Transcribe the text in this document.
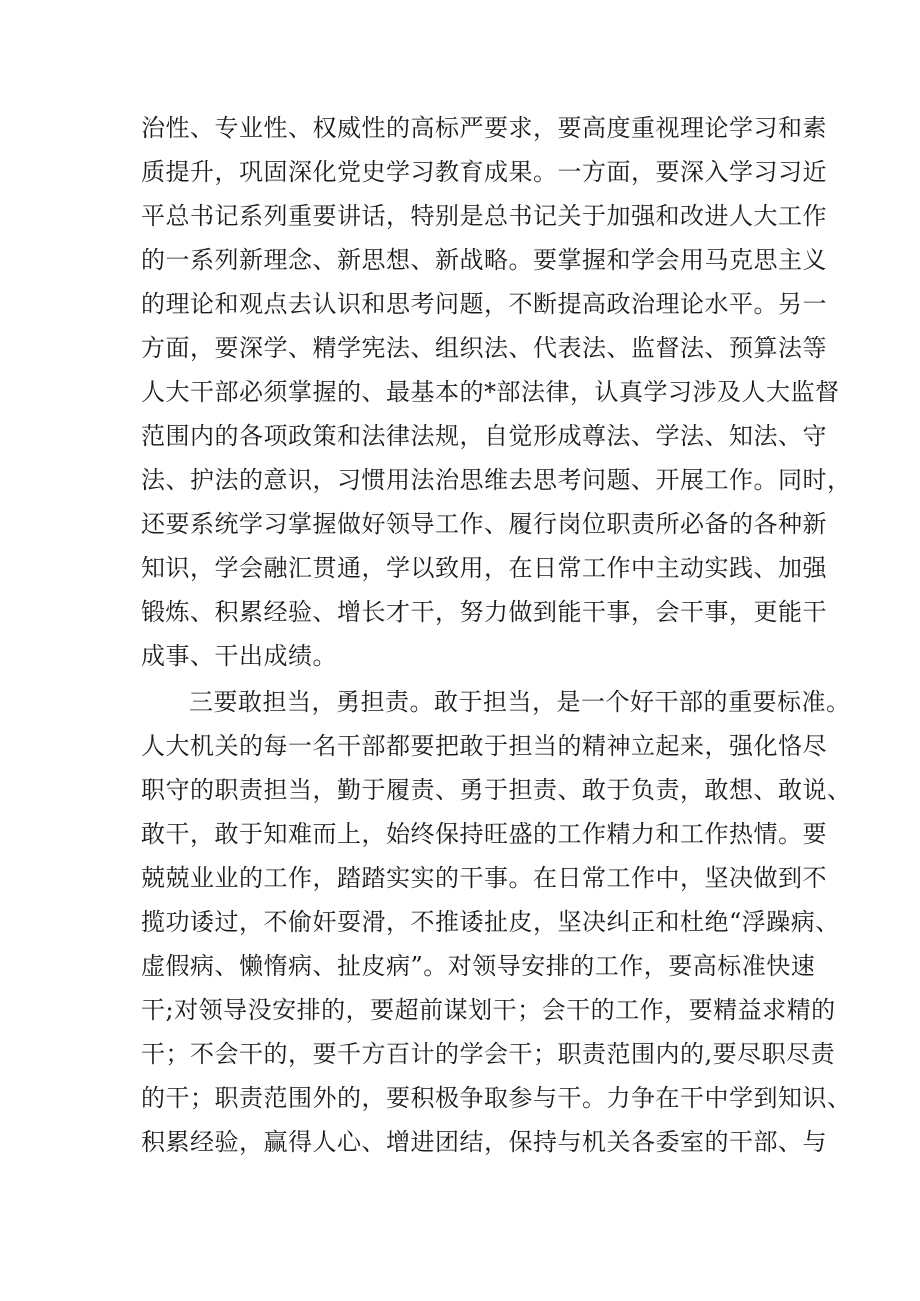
治性、专业性、权威性的高标严要求，要高度重视理论学习和素
质提升，巩固深化党史学习教育成果。一方面，要深入学习习近
平总书记系列重要讲话，特别是总书记关于加强和改进人大工作
的一系列新理念、新思想、新战略。要掌握和学会用马克思主义
的理论和观点去认识和思考问题，不断提高政治理论水平。另一
方面，要深学、精学宪法、组织法、代表法、监督法、预算法等
人大干部必须掌握的、最基本的*部法律，认真学习涉及人大监督
范围内的各项政策和法律法规，自觉形成尊法、学法、知法、守
法、护法的意识，习惯用法治思维去思考问题、开展工作。同时，
还要系统学习掌握做好领导工作、履行岗位职责所必备的各种新
知识，学会融汇贯通，学以致用，在日常工作中主动实践、加强
锻炼、积累经验、增长才干，努力做到能干事，会干事，更能干
成事、干出成绩。
三要敢担当，勇担责。敢于担当，是一个好干部的重要标准。
人大机关的每一名干部都要把敢于担当的精神立起来，强化恪尽
职守的职责担当，勤于履责、勇于担责、敢于负责，敢想、敢说、
敢干，敢于知难而上，始终保持旺盛的工作精力和工作热情。要
兢兢业业的工作，踏踏实实的干事。在日常工作中，坚决做到不
揽功诿过，不偷奸耍滑，不推诿扯皮，坚决纠正和杜绝“浮躁病、
虚假病、懒惰病、扯皮病”。对领导安排的工作，要高标准快速
干;对领导没安排的，要超前谋划干；会干的工作，要精益求精的
干；不会干的，要千方百计的学会干；职责范围内的,要尽职尽责
的干；职责范围外的，要积极争取参与干。力争在干中学到知识、
积累经验，赢得人心、增进团结，保持与机关各委室的干部、与
